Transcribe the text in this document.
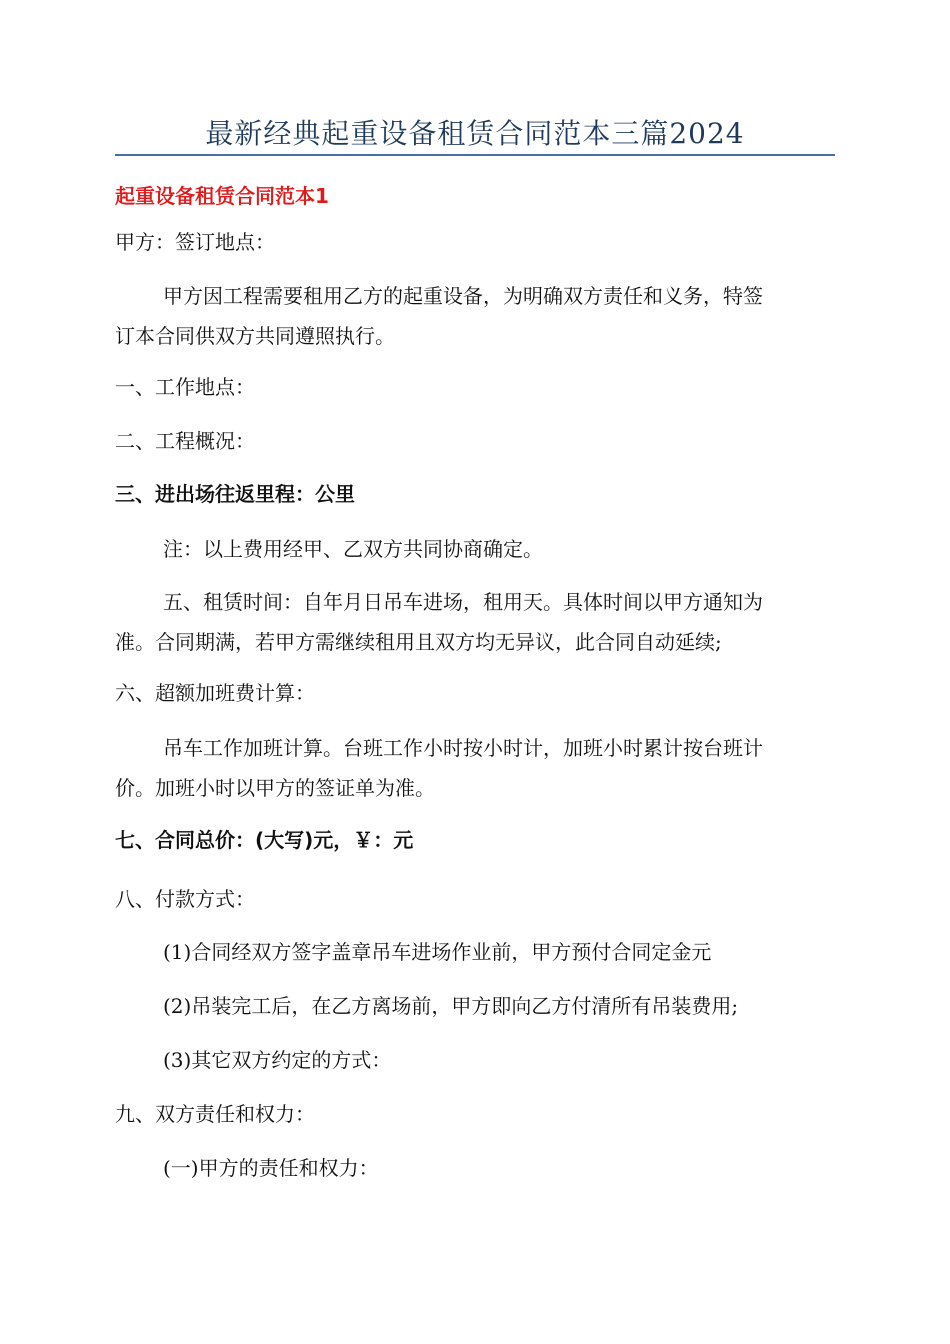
最新经典起重设备租赁合同范本三篇2024
起重设备租赁合同范本1
甲方：签订地点：
甲方因工程需要租用乙方的起重设备，为明确双方责任和义务，特签
订本合同供双方共同遵照执行。
一、工作地点：
二、工程概况：
三、进出场往返里程：公里
注：以上费用经甲、乙双方共同协商确定。
五、租赁时间：自年月日吊车进场，租用天。具体时间以甲方通知为
准。合同期满，若甲方需继续租用且双方均无异议，此合同自动延续;
六、超额加班费计算：
吊车工作加班计算。台班工作小时按小时计，加班小时累计按台班计
价。加班小时以甲方的签证单为准。
七、合同总价：(大写)元，￥：元
八、付款方式：
(1)合同经双方签字盖章吊车进场作业前，甲方预付合同定金元
(2)吊装完工后，在乙方离场前，甲方即向乙方付清所有吊装费用;
(3)其它双方约定的方式：
九、双方责任和权力：
(一)甲方的责任和权力：
